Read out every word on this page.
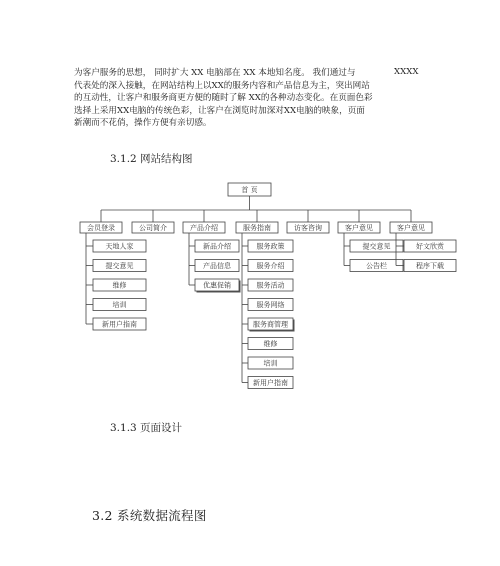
为客户服务的思想， 同时扩大 XX 电脑部在 XX 本地知名度。 我们通过与
代表处的深入接触，在网站结构上以XX的服务内容和产品信息为主，突出网站
的互动性，让客户和服务商更方便的随时了解 XX的各种动态变化。在页面色彩
选择上采用XX电脑的传统色彩，让客户在浏览时加深对XX电脑的映象，页面
新潮而不花俏，操作方便有亲切感。
XXXX
3.1.2 网站结构图
首 页
会员登录
天地人家
提交意见
维修
培训
新用户指南
公司简介	产品介绍
新品介绍
产品信息
优惠促销
服务指南
服务政策
服务介绍
服务活动
服务网络
服务商管理
维修
培训
新用户指南
访客咨询	客户意见
提交意见
公告栏
客户意见
好文欣赏
程序下载
3.1.3 页面设计
3.2 系统数据流程图
